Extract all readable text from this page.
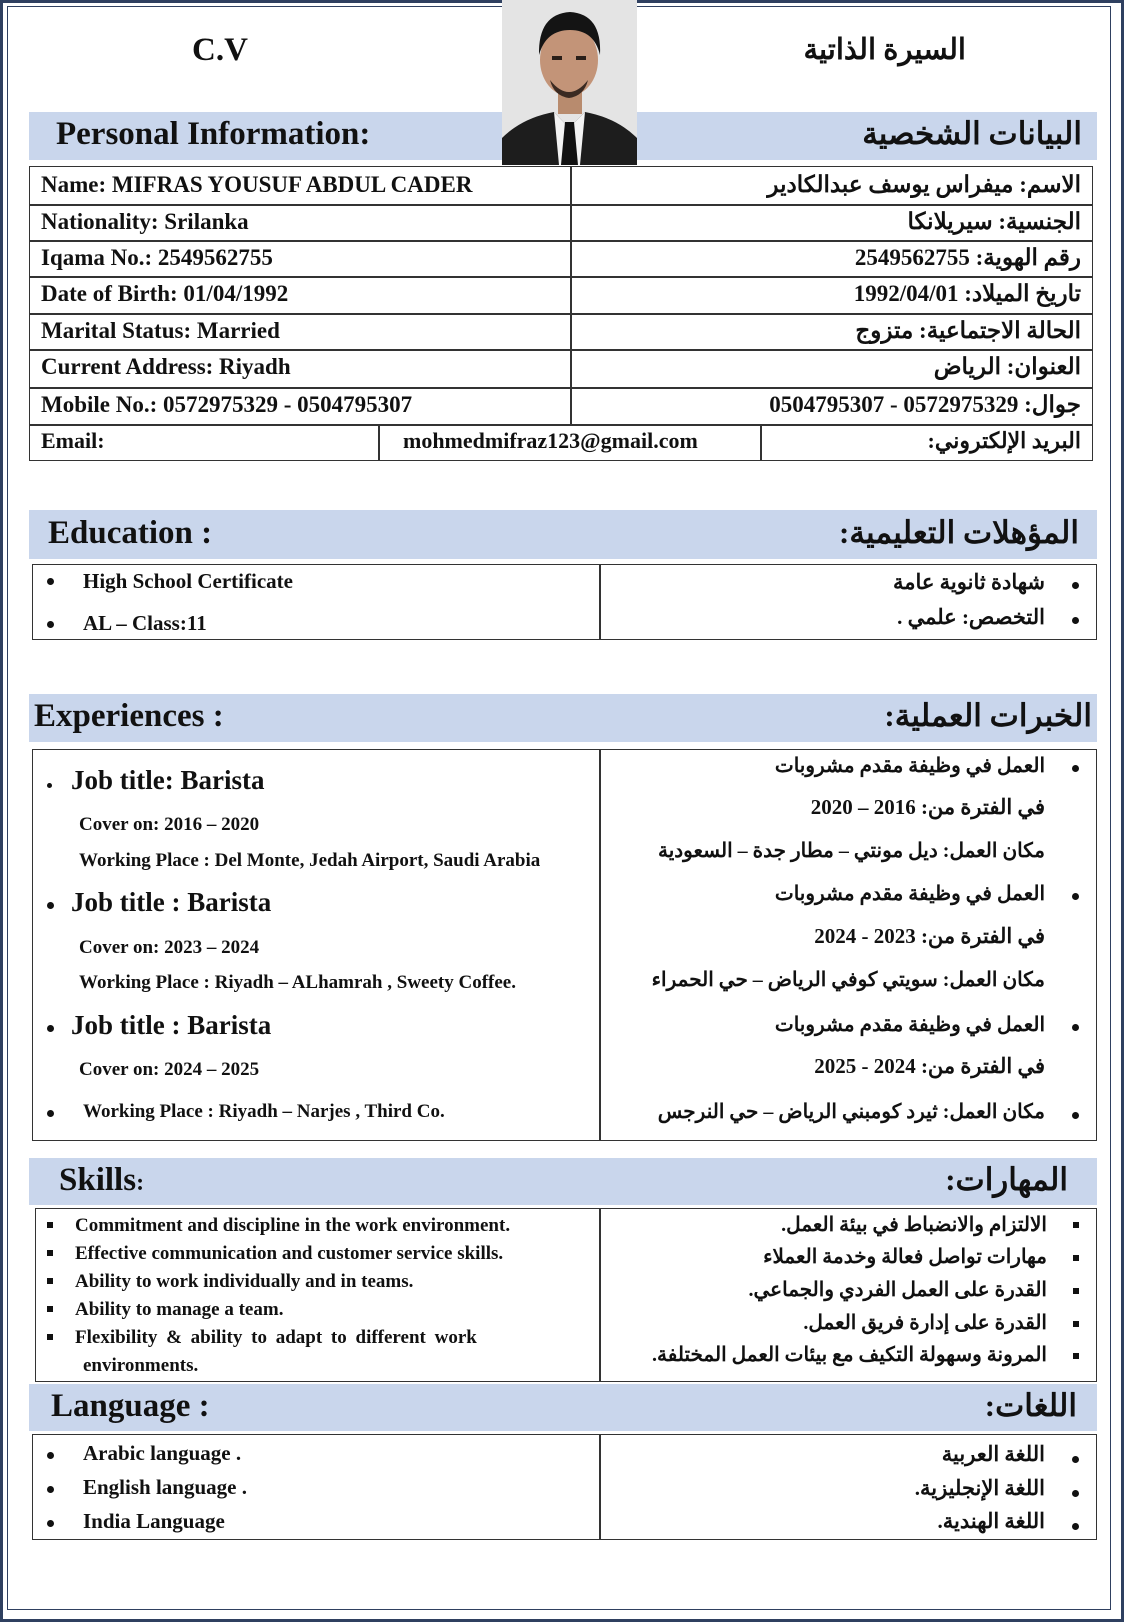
C.V	السيرة الذاتية
Personal Information:	البيانات الشخصية
Name: MIFRAS YOUSUF ABDUL CADER	الاسم: ميفراس يوسف عبدالكادير
Nationality: Srilanka	الجنسية: سيريلانكا
Iqama No.: 2549562755	رقم الهوية: 2549562755
Date of Birth: 01/04/1992	تاريخ الميلاد: 1992/04/01
Marital Status: Married	الحالة الاجتماعية: متزوج
Current Address: Riyadh	العنوان: الرياض
Mobile No.: 0572975329 - 0504795307	جوال: 0572975329 - 0504795307
Email:	mohmedmifraz123@gmail.com	البريد الإلكتروني:
Education :	المؤهلات التعليمية:
High School Certificate
AL – Class:11
شهادة ثانوية عامة
التخصص: علمي .
Experiences :	الخبرات العملية:
Job title: Barista
Cover on: 2016 – 2020
Working Place : Del Monte, Jedah Airport, Saudi Arabia
Job title : Barista
Cover on: 2023 – 2024
Working Place : Riyadh – ALhamrah , Sweety Coffee.
Job title : Barista
Cover on: 2024 – 2025
Working Place : Riyadh – Narjes , Third Co.
العمل في وظيفة مقدم مشروبات
في الفترة من: 2016 – 2020
مكان العمل: ديل مونتي – مطار جدة – السعودية
العمل في وظيفة مقدم مشروبات
في الفترة من: 2023 - 2024
مكان العمل: سويتي كوفي الرياض – حي الحمراء
العمل في وظيفة مقدم مشروبات
في الفترة من: 2024 - 2025
مكان العمل: ثيرد كومبني الرياض – حي النرجس
Skills:	المهارات:
Commitment and discipline in the work environment.
Effective communication and customer service skills.
Ability to work individually and in teams.
Ability to manage a team.
Flexibility & ability to adapt to different work
environments.
الالتزام والانضباط في بيئة العمل.
مهارات تواصل فعالة وخدمة العملاء
القدرة على العمل الفردي والجماعي.
القدرة على إدارة فريق العمل.
المرونة وسهولة التكيف مع بيئات العمل المختلفة.
Language :	اللغات:
Arabic language .
English language .
India Language
اللغة العربية
اللغة الإنجليزية.
اللغة الهندية.
